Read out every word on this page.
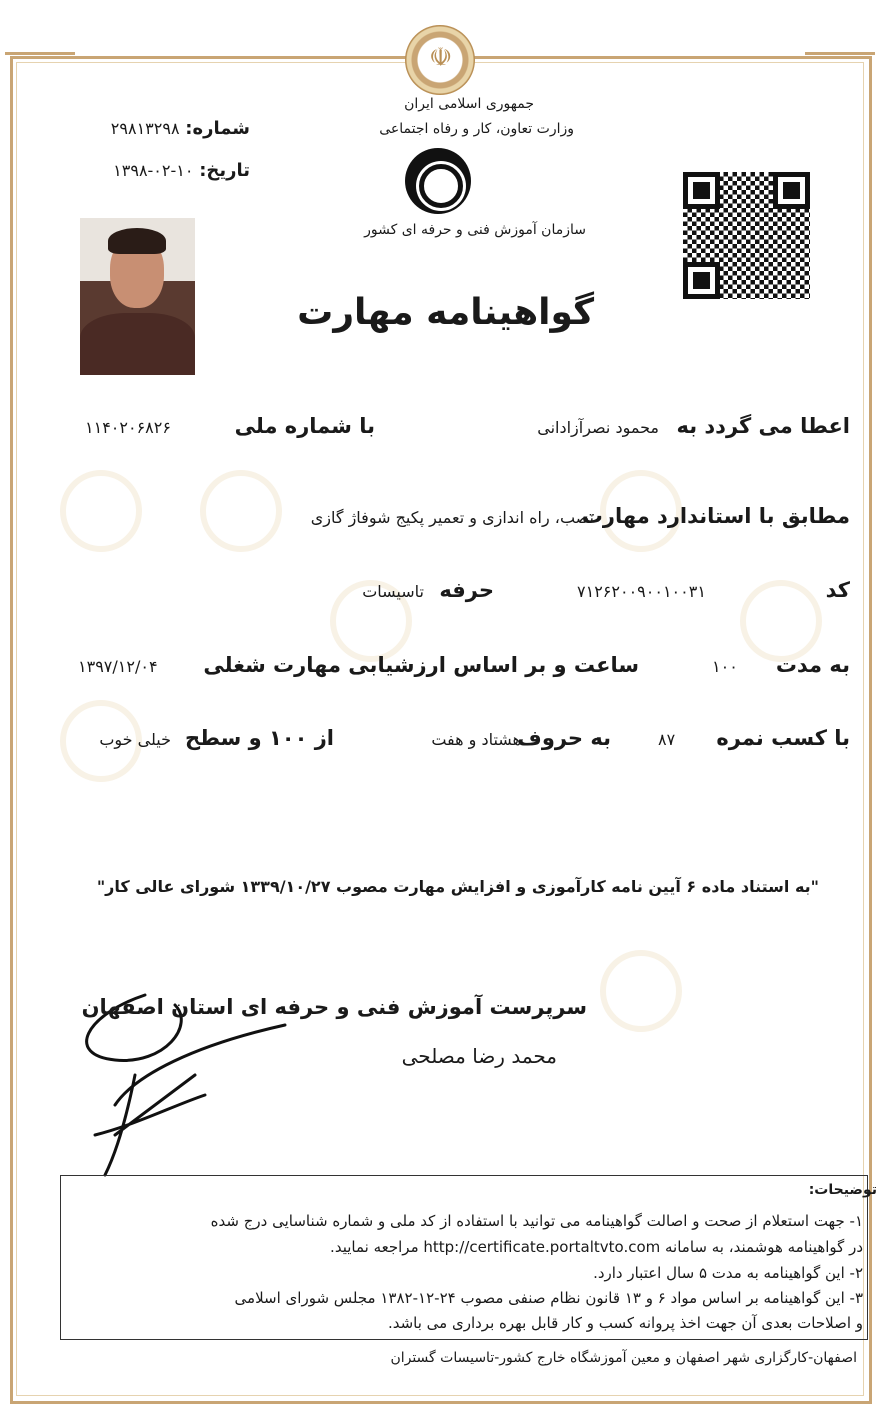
☫
جمهوری اسلامی ایران
وزارت تعاون، کار و رفاه اجتماعی
سازمان آموزش فنی و حرفه ای کشور
شماره: ۲۹۸۱۳۲۹۸
تاریخ: ۱۳۹۸-۰۲-۱۰
گواهینامه مهارت
اعطا می گردد به
محمود نصرآزادانی
با شماره ملی
۱۱۴۰۲۰۶۸۲۶
مطابق با استاندارد مهارت
نصب، راه اندازی و تعمیر پکیج شوفاژ گازی
کد
۷۱۲۶۲۰۰۹۰۰۱۰۰۳۱
حرفه
تاسیسات
به مدت
۱۰۰
ساعت و بر اساس ارزشیابی مهارت شغلی
۱۳۹۷/۱۲/۰۴
با کسب نمره
۸۷
به حروف
هشتاد و هفت
از ۱۰۰ و سطح
خیلی خوب
"به استناد ماده ۶ آیین نامه کارآموزی و افزایش مهارت مصوب ۱۳۳۹/۱۰/۲۷ شورای عالی کار"
سرپرست آموزش فنی و حرفه ای استان اصفهان
محمد رضا مصلحی
توضیحات:
۱- جهت استعلام از صحت و اصالت گواهینامه می توانید با استفاده از کد ملی و شماره شناسایی درج شده
در گواهینامه هوشمند، به سامانه http://certificate.portaltvto.com مراجعه نمایید.
۲- این گواهینامه به مدت ۵ سال اعتبار دارد.
۳- این گواهینامه بر اساس مواد ۶ و ۱۳ قانون نظام صنفی مصوب ۲۴-۱۲-۱۳۸۲ مجلس شورای اسلامی
و اصلاحات بعدی آن جهت اخذ پروانه کسب و کار قابل بهره برداری می باشد.
اصفهان-کارگزاری شهر اصفهان و معین آموزشگاه خارج کشور-تاسیسات گستران
